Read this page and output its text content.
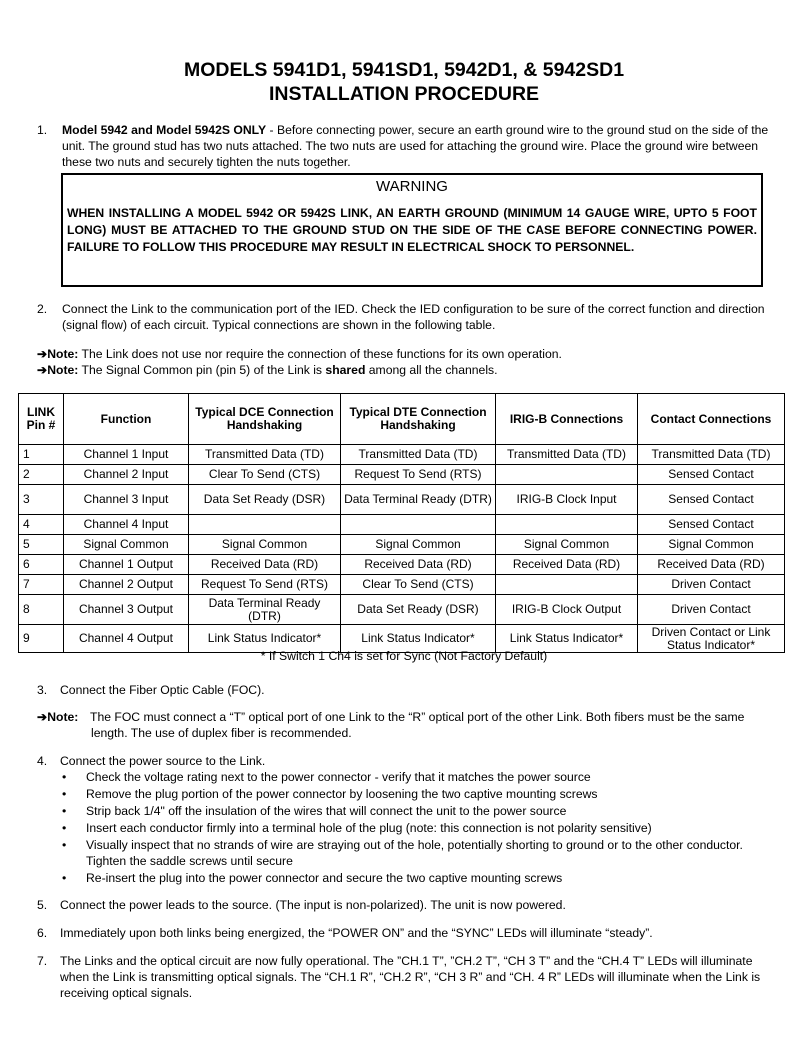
MODELS 5941D1, 5941SD1, 5942D1, & 5942SD1
INSTALLATION PROCEDURE
1. Model 5942 and Model 5942S ONLY - Before connecting power, secure an earth ground wire to the ground stud on the side of the unit. The ground stud has two nuts attached. The two nuts are used for attaching the ground wire. Place the ground wire between these two nuts and securely tighten the nuts together.
WARNING
WHEN INSTALLING A MODEL 5942 OR 5942S LINK, AN EARTH GROUND (MINIMUM 14 GAUGE WIRE, UPTO 5 FOOT LONG) MUST BE ATTACHED TO THE GROUND STUD ON THE SIDE OF THE CASE BEFORE CONNECTING POWER. FAILURE TO FOLLOW THIS PROCEDURE MAY RESULT IN ELECTRICAL SHOCK TO PERSONNEL.
2. Connect the Link to the communication port of the IED. Check the IED configuration to be sure of the correct function and direction (signal flow) of each circuit. Typical connections are shown in the following table.
➔Note: The Link does not use nor require the connection of these functions for its own operation.
➔Note: The Signal Common pin (pin 5) of the Link is shared among all the channels.
LINK Pin #	Function	Typical DCE Connection Handshaking	Typical DTE Connection Handshaking	IRIG-B Connections	Contact Connections
1	Channel 1 Input	Transmitted Data (TD)	Transmitted Data (TD)	Transmitted Data (TD)	Transmitted Data (TD)
2	Channel 2 Input	Clear To Send (CTS)	Request To Send (RTS)		Sensed Contact
3	Channel 3 Input	Data Set Ready (DSR)	Data Terminal Ready (DTR)	IRIG-B Clock Input	Sensed Contact
4	Channel 4 Input				Sensed Contact
5	Signal Common	Signal Common	Signal Common	Signal Common	Signal Common
6	Channel 1 Output	Received Data (RD)	Received Data (RD)	Received Data (RD)	Received Data (RD)
7	Channel 2 Output	Request To Send (RTS)	Clear To Send (CTS)		Driven Contact
8	Channel 3 Output	Data Terminal Ready (DTR)	Data Set Ready (DSR)	IRIG-B Clock Output	Driven Contact
9	Channel 4 Output	Link Status Indicator*	Link Status Indicator*	Link Status Indicator*	Driven Contact or Link Status Indicator*
* If Switch 1 Ch4 is set for Sync (Not Factory Default)
3. Connect the Fiber Optic Cable (FOC).
➔Note: The FOC must connect a “T” optical port of one Link to the “R” optical port of the other Link. Both fibers must be the same length. The use of duplex fiber is recommended.
4. Connect the power source to the Link.
• Check the voltage rating next to the power connector - verify that it matches the power source
• Remove the plug portion of the power connector by loosening the two captive mounting screws
• Strip back 1/4" off the insulation of the wires that will connect the unit to the power source
• Insert each conductor firmly into a terminal hole of the plug (note: this connection is not polarity sensitive)
• Visually inspect that no strands of wire are straying out of the hole, potentially shorting to ground or to the other conductor. Tighten the saddle screws until secure
• Re-insert the plug into the power connector and secure the two captive mounting screws
5. Connect the power leads to the source. (The input is non-polarized). The unit is now powered.
6. Immediately upon both links being energized, the “POWER ON” and the “SYNC” LEDs will illuminate “steady”.
7. The Links and the optical circuit are now fully operational. The ”CH.1 T”, ”CH.2 T”, “CH 3 T” and the “CH.4 T” LEDs will illuminate when the Link is transmitting optical signals. The “CH.1 R”, “CH.2 R”, “CH 3 R” and “CH. 4 R” LEDs will illuminate when the Link is receiving optical signals.
